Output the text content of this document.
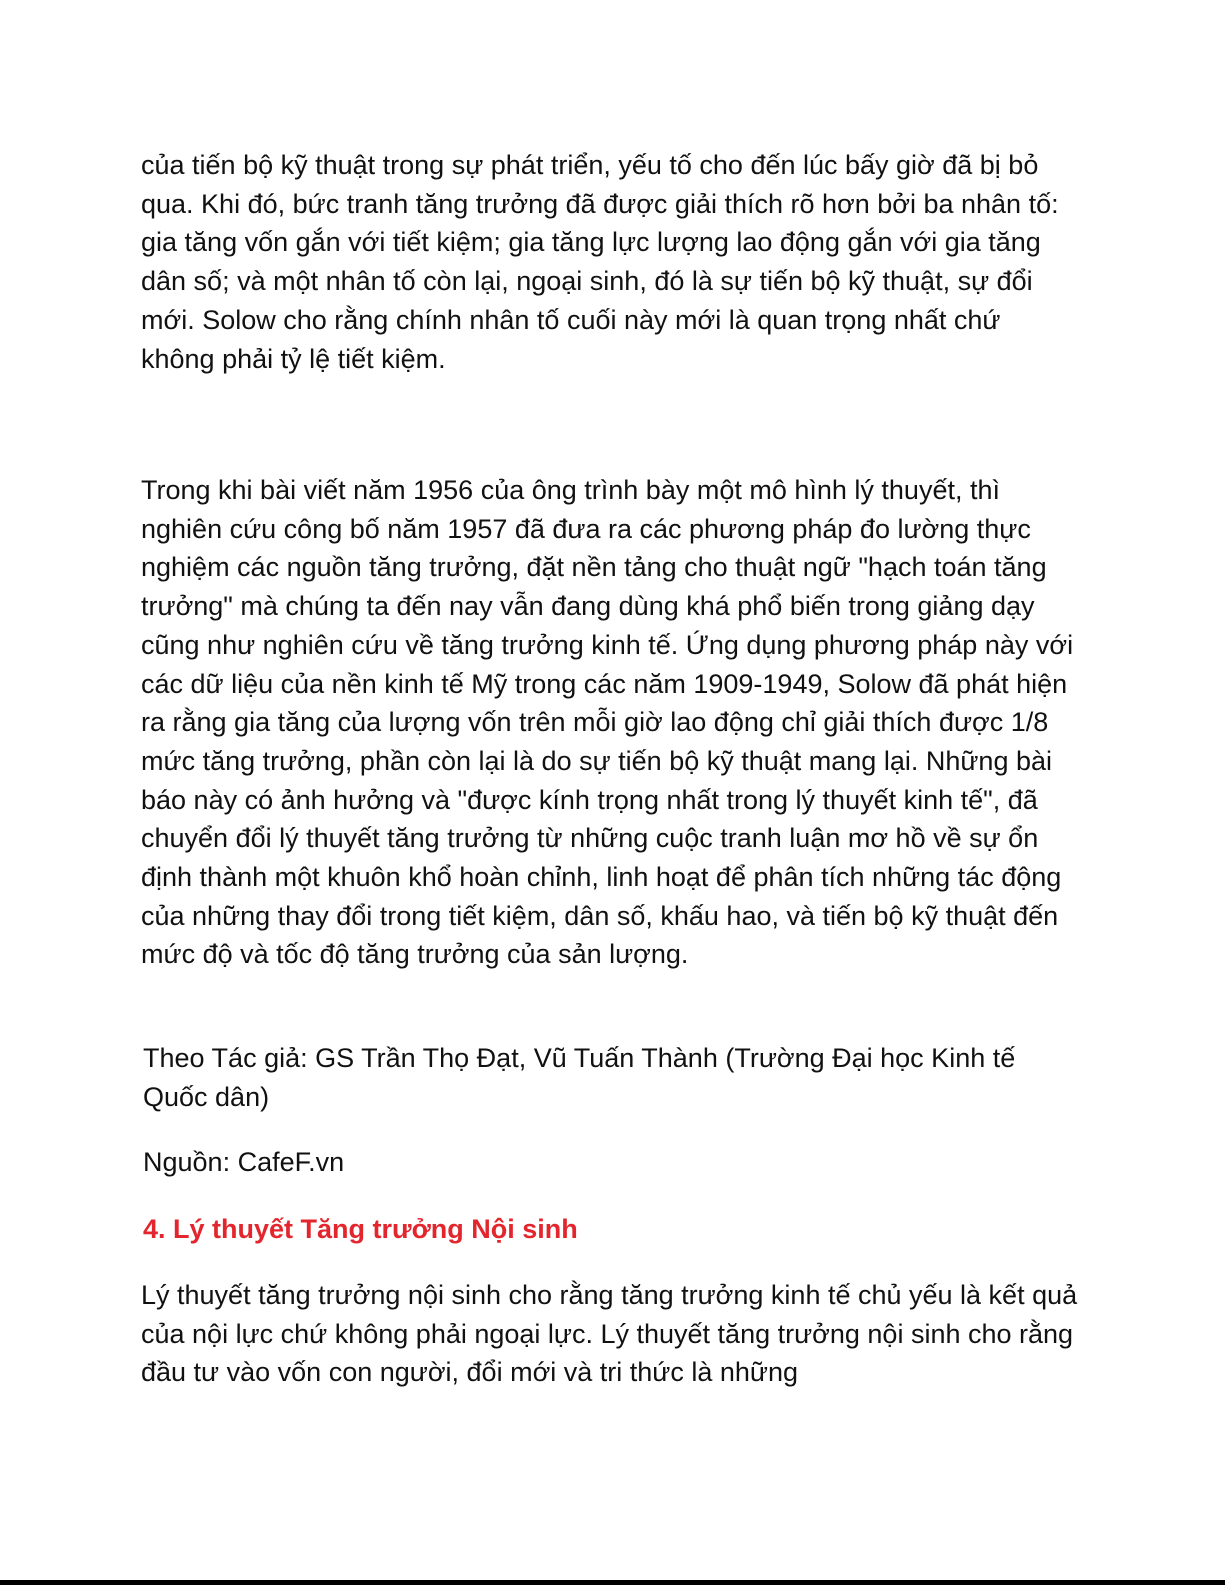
của tiến bộ kỹ thuật trong sự phát triển, yếu tố cho đến lúc bấy giờ đã bị bỏ qua. Khi đó, bức tranh tăng trưởng đã được giải thích rõ hơn bởi ba nhân tố: gia tăng vốn gắn với tiết kiệm; gia tăng lực lượng lao động gắn với gia tăng dân số; và một nhân tố còn lại, ngoại sinh, đó là sự tiến bộ kỹ thuật, sự đổi mới. Solow cho rằng chính nhân tố cuối này mới là quan trọng nhất chứ không phải tỷ lệ tiết kiệm.

Trong khi bài viết năm 1956 của ông trình bày một mô hình lý thuyết, thì nghiên cứu công bố năm 1957 đã đưa ra các phương pháp đo lường thực nghiệm các nguồn tăng trưởng, đặt nền tảng cho thuật ngữ "hạch toán tăng trưởng" mà chúng ta đến nay vẫn đang dùng khá phổ biến trong giảng dạy cũng như nghiên cứu về tăng trưởng kinh tế. Ứng dụng phương pháp này với các dữ liệu của nền kinh tế Mỹ trong các năm 1909-1949, Solow đã phát hiện ra rằng gia tăng của lượng vốn trên mỗi giờ lao động chỉ giải thích được 1/8 mức tăng trưởng, phần còn lại là do sự tiến bộ kỹ thuật mang lại. Những bài báo này có ảnh hưởng và "được kính trọng nhất trong lý thuyết kinh tế", đã chuyển đổi lý thuyết tăng trưởng từ những cuộc tranh luận mơ hồ về sự ổn định thành một khuôn khổ hoàn chỉnh, linh hoạt để phân tích những tác động của những thay đổi trong tiết kiệm, dân số, khấu hao, và tiến bộ kỹ thuật đến mức độ và tốc độ tăng trưởng của sản lượng.

Theo Tác giả: GS Trần Thọ Đạt, Vũ Tuấn Thành (Trường Đại học Kinh tế Quốc dân)

Nguồn: CafeF.vn

4. Lý thuyết Tăng trưởng Nội sinh

Lý thuyết tăng trưởng nội sinh cho rằng tăng trưởng kinh tế chủ yếu là kết quả của nội lực chứ không phải ngoại lực. Lý thuyết tăng trưởng nội sinh cho rằng đầu tư vào vốn con người, đổi mới và tri thức là những
